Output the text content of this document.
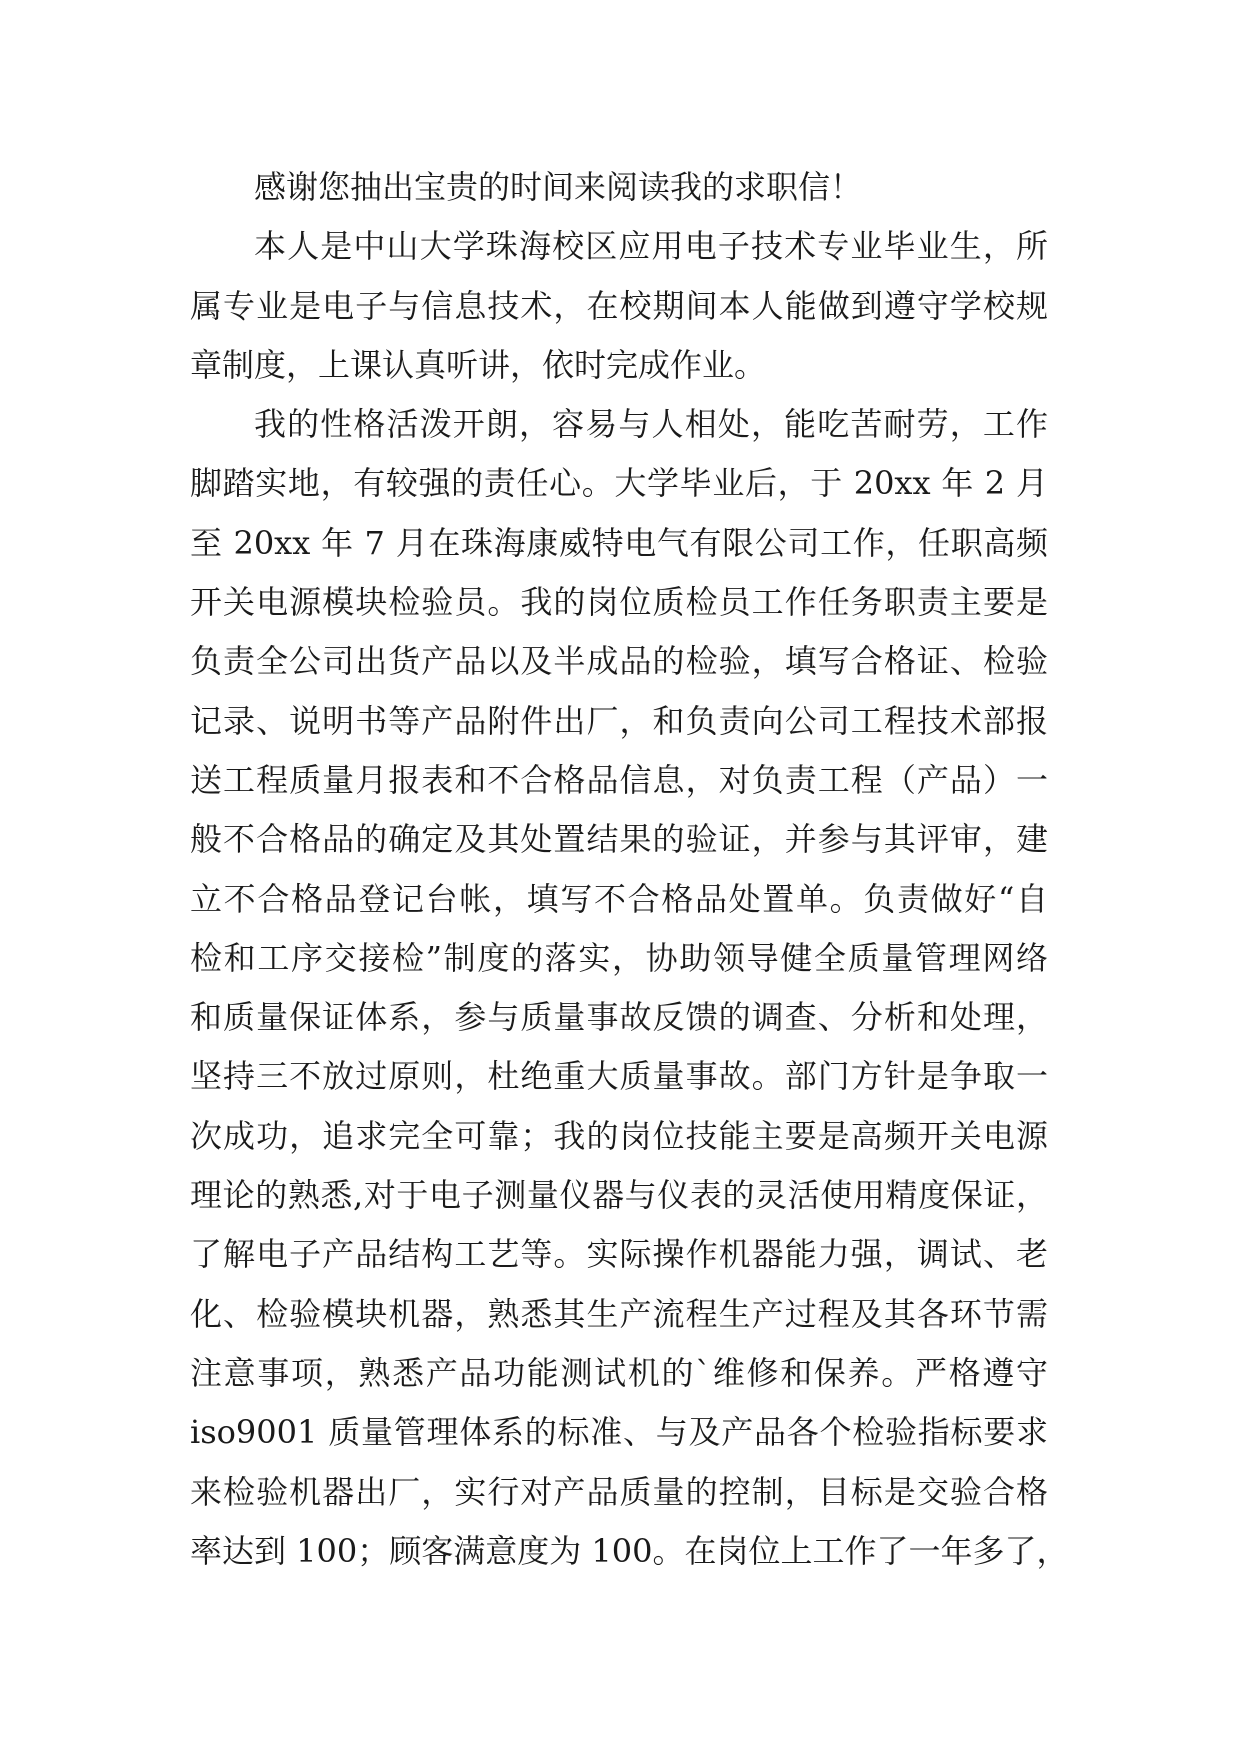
感谢您抽出宝贵的时间来阅读我的求职信！
本人是中山大学珠海校区应用电子技术专业毕业生，所
属专业是电子与信息技术，在校期间本人能做到遵守学校规
章制度，上课认真听讲，依时完成作业。
我的性格活泼开朗，容易与人相处，能吃苦耐劳，工作
脚踏实地，有较强的责任心。大学毕业后，于 20xx 年 2 月
至 20xx 年 7 月在珠海康威特电气有限公司工作，任职高频
开关电源模块检验员。我的岗位质检员工作任务职责主要是
负责全公司出货产品以及半成品的检验，填写合格证、检验
记录、说明书等产品附件出厂，和负责向公司工程技术部报
送工程质量月报表和不合格品信息，对负责工程（产品）一
般不合格品的确定及其处置结果的验证，并参与其评审，建
立不合格品登记台帐，填写不合格品处置单。负责做好“自
检和工序交接检”制度的落实，协助领导健全质量管理网络
和质量保证体系，参与质量事故反馈的调查、分析和处理，
坚持三不放过原则，杜绝重大质量事故。部门方针是争取一
次成功，追求完全可靠；我的岗位技能主要是高频开关电源
理论的熟悉,对于电子测量仪器与仪表的灵活使用精度保证，
了解电子产品结构工艺等。实际操作机器能力强，调试、老
化、检验模块机器，熟悉其生产流程生产过程及其各环节需
注意事项，熟悉产品功能测试机的`维修和保养。严格遵守
iso9001 质量管理体系的标准、与及产品各个检验指标要求
来检验机器出厂，实行对产品质量的控制，目标是交验合格
率达到 100；顾客满意度为 100。在岗位上工作了一年多了，
